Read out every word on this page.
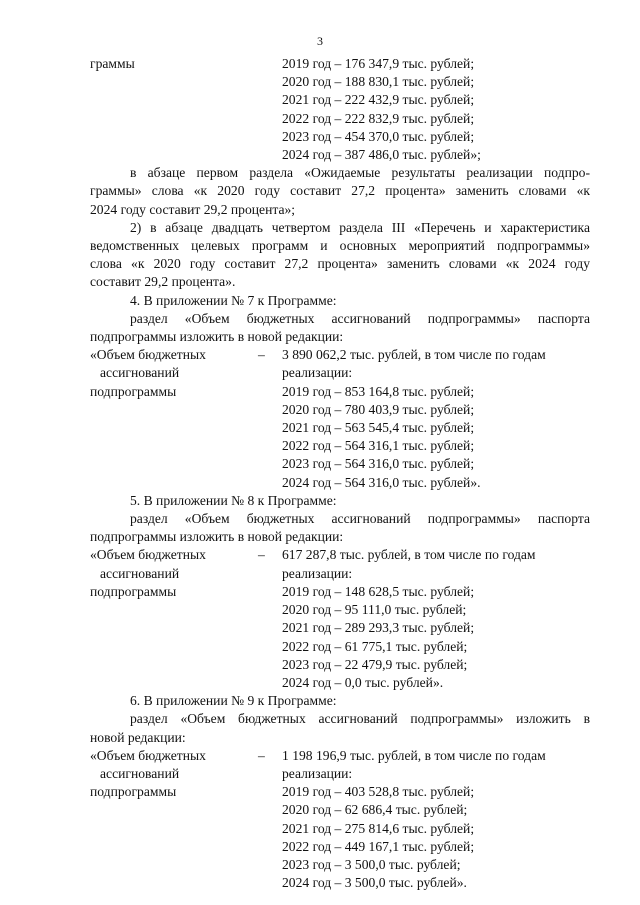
3
граммы	2019 год – 176 347,9 тыс. рублей;
2020 год – 188 830,1 тыс. рублей;
2021 год – 222 432,9 тыс. рублей;
2022 год – 222 832,9 тыс. рублей;
2023 год – 454 370,0 тыс. рублей;
2024 год – 387 486,0 тыс. рублей»;
в абзаце первом раздела «Ожидаемые результаты реализации подпро-
граммы» слова «к 2020 году составит 27,2 процента» заменить словами «к
2024 году составит 29,2 процента»;
2) в абзаце двадцать четвертом раздела III «Перечень и характеристика
ведомственных целевых программ и основных мероприятий подпрограммы»
слова «к 2020 году составит 27,2 процента» заменить словами «к 2024 году
составит 29,2 процента».
4. В приложении № 7 к Программе:
раздел «Объем бюджетных ассигнований подпрограммы» паспорта
подпрограммы изложить в новой редакции:
«Объем бюджетных
ассигнований
подпрограммы
– 3 890 062,2 тыс. рублей, в том числе по годам
реализации:
2019 год – 853 164,8 тыс. рублей;
2020 год – 780 403,9 тыс. рублей;
2021 год – 563 545,4 тыс. рублей;
2022 год – 564 316,1 тыс. рублей;
2023 год – 564 316,0 тыс. рублей;
2024 год – 564 316,0 тыс. рублей».
5. В приложении № 8 к Программе:
раздел «Объем бюджетных ассигнований подпрограммы» паспорта
подпрограммы изложить в новой редакции:
«Объем бюджетных
ассигнований
подпрограммы
– 617 287,8 тыс. рублей, в том числе по годам
реализации:
2019 год – 148 628,5 тыс. рублей;
2020 год – 95 111,0 тыс. рублей;
2021 год – 289 293,3 тыс. рублей;
2022 год – 61 775,1 тыс. рублей;
2023 год – 22 479,9 тыс. рублей;
2024 год – 0,0 тыс. рублей».
6. В приложении № 9 к Программе:
раздел «Объем бюджетных ассигнований подпрограммы» изложить в
новой редакции:
«Объем бюджетных
ассигнований
подпрограммы
– 1 198 196,9 тыс. рублей, в том числе по годам
реализации:
2019 год – 403 528,8 тыс. рублей;
2020 год – 62 686,4 тыс. рублей;
2021 год – 275 814,6 тыс. рублей;
2022 год – 449 167,1 тыс. рублей;
2023 год – 3 500,0 тыс. рублей;
2024 год – 3 500,0 тыс. рублей».
